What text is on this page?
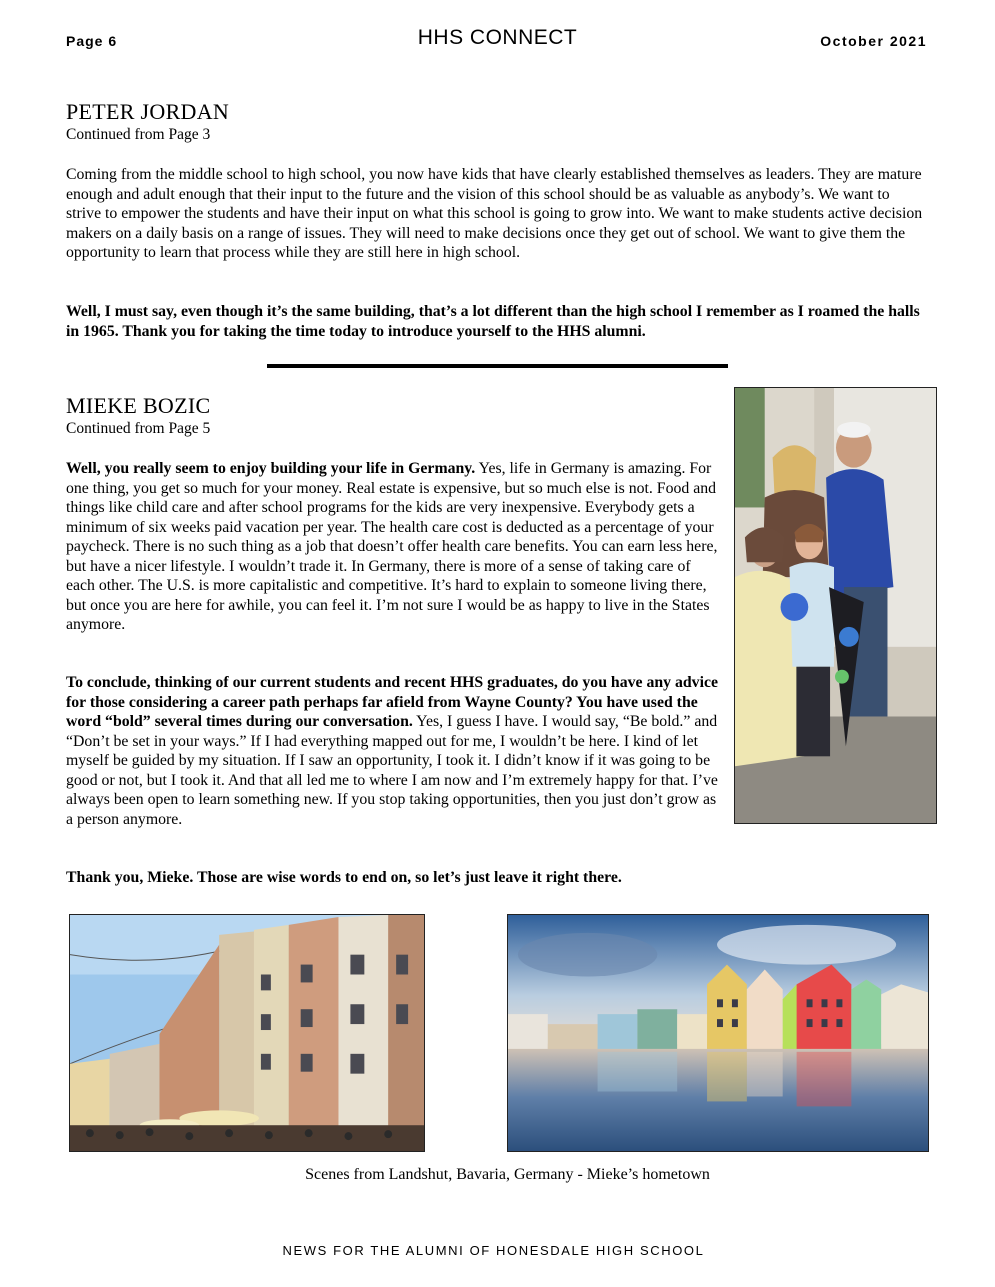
Page 6	HHS CONNECT	October 2021
PETER JORDAN
Continued from Page 3

Coming from the middle school to high school, you now have kids that have clearly established themselves as leaders. They are mature enough and adult enough that their input to the future and the vision of this school should be as valuable as anybody’s. We want to strive to empower the students and have their input on what this school is going to grow into. We want to make students active decision makers on a daily basis on a range of issues. They will need to make decisions once they get out of school. We want to give them the opportunity to learn that process while they are still here in high school.

Well, I must say, even though it’s the same building, that’s a lot different than the high school I remember as I roamed the halls in 1965. Thank you for taking the time today to introduce yourself to the HHS alumni.

MIEKE BOZIC
Continued from Page 5

Well, you really seem to enjoy building your life in Germany. Yes, life in Germany is amazing. For one thing, you get so much for your money. Real estate is expensive, but so much else is not. Food and things like child care and after school programs for the kids are very inexpensive. Everybody gets a minimum of six weeks paid vacation per year. The health care cost is deducted as a percentage of your paycheck. There is no such thing as a job that doesn’t offer health care benefits. You can earn less here, but have a nicer lifestyle. I wouldn’t trade it. In Germany, there is more of a sense of taking care of each other. The U.S. is more capitalistic and competitive. It’s hard to explain to someone living there, but once you are here for awhile, you can feel it. I’m not sure I would be as happy to live in the States anymore.

To conclude, thinking of our current students and recent HHS graduates, do you have any advice for those considering a career path perhaps far afield from Wayne County? You have used the word “bold” several times during our conversation. Yes, I guess I have. I would say, “Be bold.” and “Don’t be set in your ways.” If I had everything mapped out for me, I wouldn’t be here. I kind of let myself be guided by my situation. If I saw an opportunity, I took it. I didn’t know if it was going to be good or not, but I took it. And that all led me to where I am now and I’m extremely happy for that. I’ve always been open to learn something new. If you stop taking opportunities, then you just don’t grow as a person anymore.

Thank you, Mieke. Those are wise words to end on, so let’s just leave it right there.

Scenes from Landshut, Bavaria, Germany - Mieke’s hometown
NEWS FOR THE ALUMNI OF HONESDALE HIGH SCHOOL
